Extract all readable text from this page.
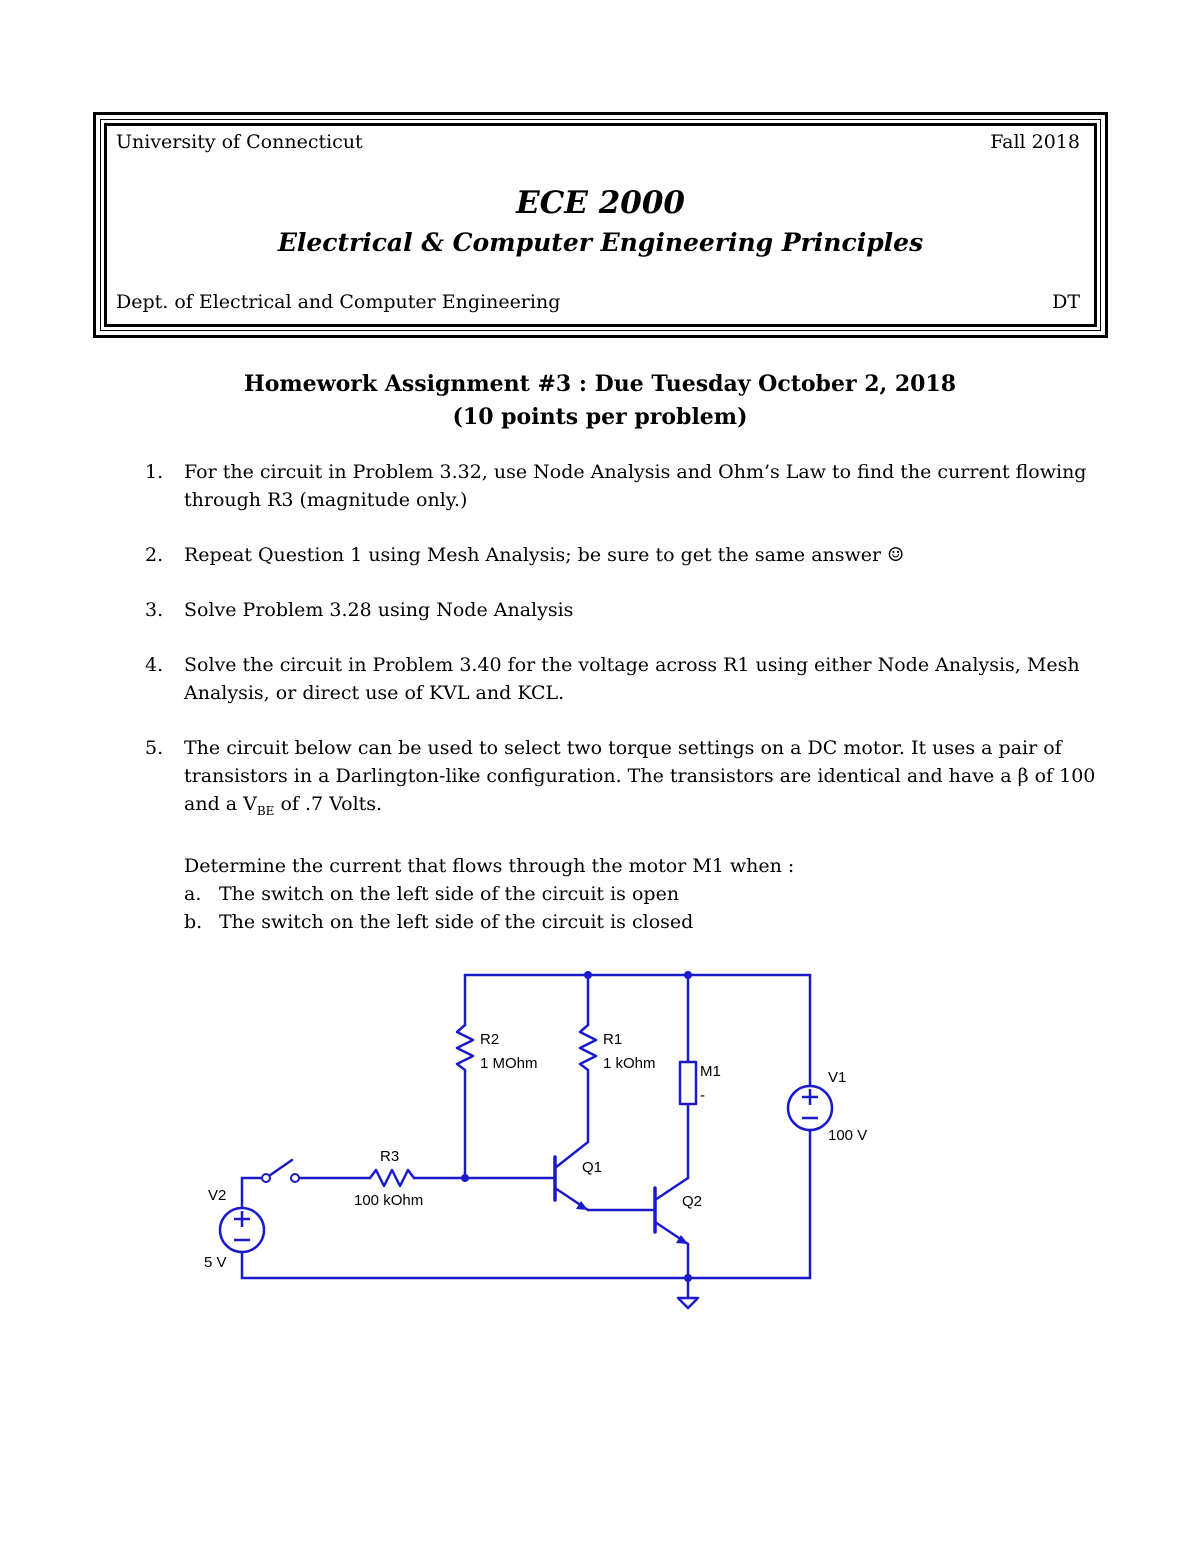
University of Connecticut	Fall 2018
ECE 2000
Electrical & Computer Engineering Principles
Dept. of Electrical and Computer Engineering	DT
Homework Assignment #3 : Due Tuesday October 2, 2018
(10 points per problem)
1. For the circuit in Problem 3.32, use Node Analysis and Ohm’s Law to find the current flowing through R3 (magnitude only.)

2. Repeat Question 1 using Mesh Analysis; be sure to get the same answer ☺

3. Solve Problem 3.28 using Node Analysis

4. Solve the circuit in Problem 3.40 for the voltage across R1 using either Node Analysis, Mesh Analysis, or direct use of KVL and KCL.

5. The circuit below can be used to select two torque settings on a DC motor. It uses a pair of transistors in a Darlington-like configuration. The transistors are identical and have a β of 100 and a $V_{BE}$ of .7 Volts.

Determine the current that flows through the motor M1 when :

a. The switch on the left side of the circuit is open
b. The switch on the left side of the circuit is closed
R2
1 MOhm
R1
1 kOhm	M1
-
V1
100 V
R3
100 kOhm
Q1
Q2
V2
5 V
